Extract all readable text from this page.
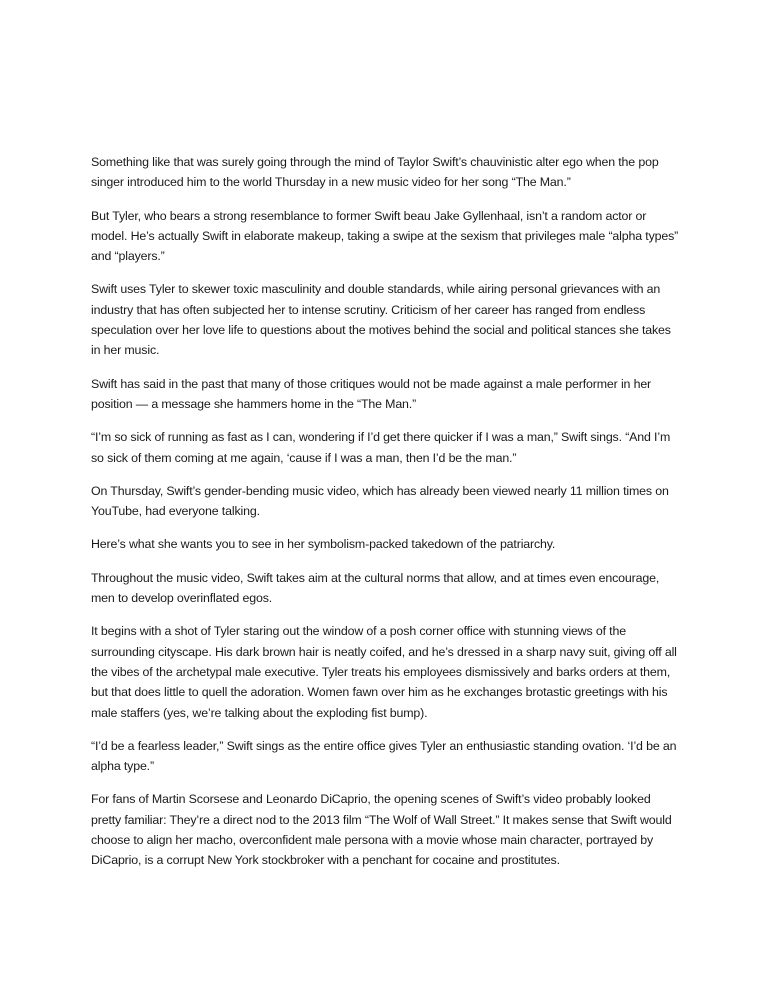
Something like that was surely going through the mind of Taylor Swift’s chauvinistic alter ego when the pop singer introduced him to the world Thursday in a new music video for her song “The Man.”

But Tyler, who bears a strong resemblance to former Swift beau Jake Gyllenhaal, isn’t a random actor or model. He’s actually Swift in elaborate makeup, taking a swipe at the sexism that privileges male “alpha types” and “players.”

Swift uses Tyler to skewer toxic masculinity and double standards, while airing personal grievances with an industry that has often subjected her to intense scrutiny. Criticism of her career has ranged from endless speculation over her love life to questions about the motives behind the social and political stances she takes in her music.

Swift has said in the past that many of those critiques would not be made against a male performer in her position — a message she hammers home in the “The Man.”

“I’m so sick of running as fast as I can, wondering if I’d get there quicker if I was a man,” Swift sings. “And I’m so sick of them coming at me again, ‘cause if I was a man, then I’d be the man.”

On Thursday, Swift’s gender-bending music video, which has already been viewed nearly 11 million times on YouTube, had everyone talking.

Here’s what she wants you to see in her symbolism-packed takedown of the patriarchy.

Throughout the music video, Swift takes aim at the cultural norms that allow, and at times even encourage, men to develop overinflated egos.

It begins with a shot of Tyler staring out the window of a posh corner office with stunning views of the surrounding cityscape. His dark brown hair is neatly coifed, and he’s dressed in a sharp navy suit, giving off all the vibes of the archetypal male executive. Tyler treats his employees dismissively and barks orders at them, but that does little to quell the adoration. Women fawn over him as he exchanges brotastic greetings with his male staffers (yes, we’re talking about the exploding fist bump).

“I’d be a fearless leader,” Swift sings as the entire office gives Tyler an enthusiastic standing ovation. ‘I’d be an alpha type.”

For fans of Martin Scorsese and Leonardo DiCaprio, the opening scenes of Swift’s video probably looked pretty familiar: They’re a direct nod to the 2013 film “The Wolf of Wall Street.” It makes sense that Swift would choose to align her macho, overconfident male persona with a movie whose main character, portrayed by DiCaprio, is a corrupt New York stockbroker with a penchant for cocaine and prostitutes.
